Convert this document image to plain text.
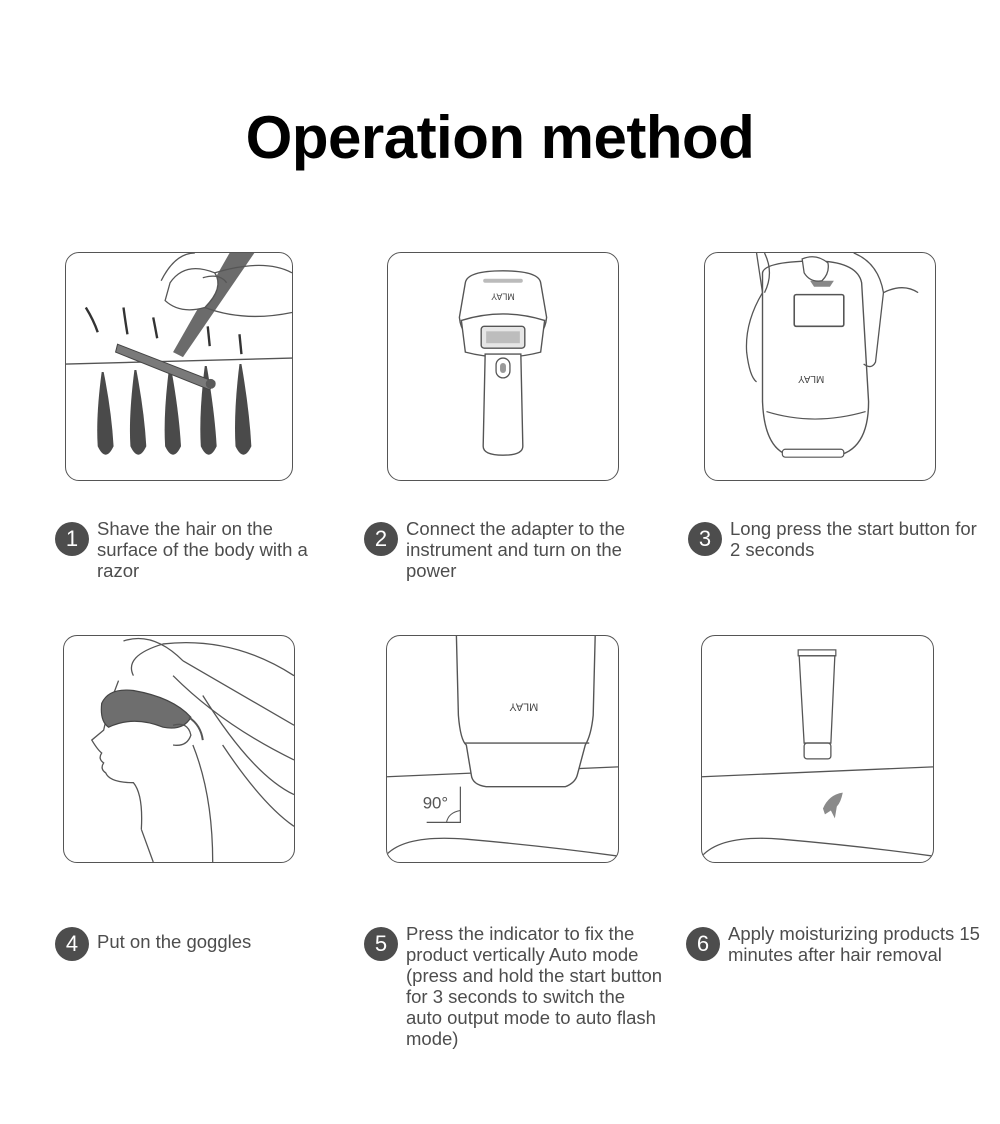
Operation method
MLAY
MLAY
1	Shave the hair on the surface of the body with a razor
2	Connect the adapter to the instrument and turn on the power
3	Long press the start button for 2 seconds
MLAY
90°
4	Put on the goggles	5	Press the indicator to fix the product vertically Auto mode (press and hold the start button for 3 seconds to switch the auto output mode to auto flash mode)
6	Apply moisturizing products 15 minutes after hair removal
